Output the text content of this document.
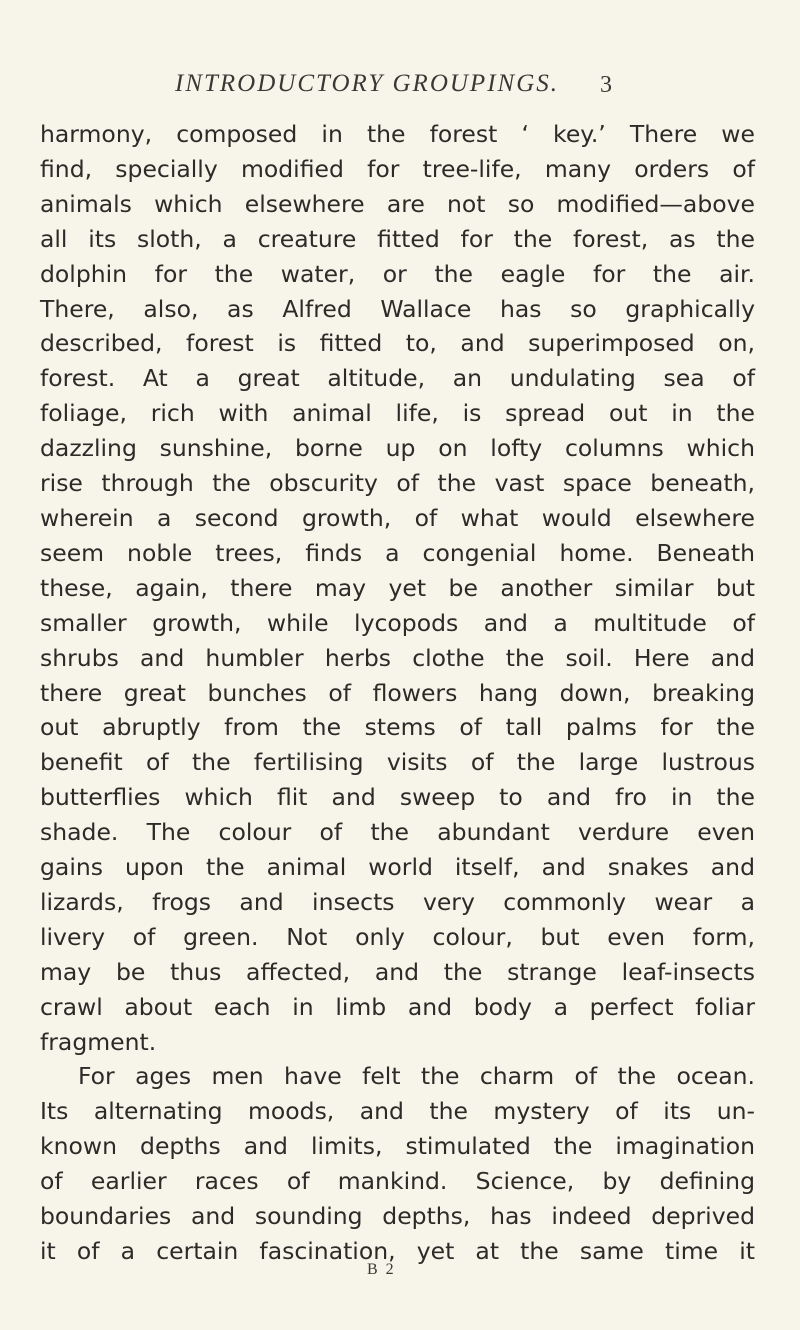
INTRODUCTORY GROUPINGS. 3
harmony, composed in the forest ‘ key.’ There we
find, specially modified for tree-life, many orders of
animals which elsewhere are not so modified—above
all its sloth, a creature fitted for the forest, as the
dolphin for the water, or the eagle for the air.
There, also, as Alfred Wallace has so graphically
described, forest is fitted to, and superimposed on,
forest. At a great altitude, an undulating sea of
foliage, rich with animal life, is spread out in the
dazzling sunshine, borne up on lofty columns which
rise through the obscurity of the vast space beneath,
wherein a second growth, of what would elsewhere
seem noble trees, finds a congenial home. Beneath
these, again, there may yet be another similar but
smaller growth, while lycopods and a multitude of
shrubs and humbler herbs clothe the soil. Here and
there great bunches of flowers hang down, breaking
out abruptly from the stems of tall palms for the
benefit of the fertilising visits of the large lustrous
butterflies which flit and sweep to and fro in the
shade. The colour of the abundant verdure even
gains upon the animal world itself, and snakes and
lizards, frogs and insects very commonly wear a
livery of green. Not only colour, but even form,
may be thus affected, and the strange leaf-insects
crawl about each in limb and body a perfect foliar
fragment.
For ages men have felt the charm of the ocean.
Its alternating moods, and the mystery of its un-
known depths and limits, stimulated the imagination
of earlier races of mankind. Science, by defining
boundaries and sounding depths, has indeed deprived
it of a certain fascination, yet at the same time it
B 2
